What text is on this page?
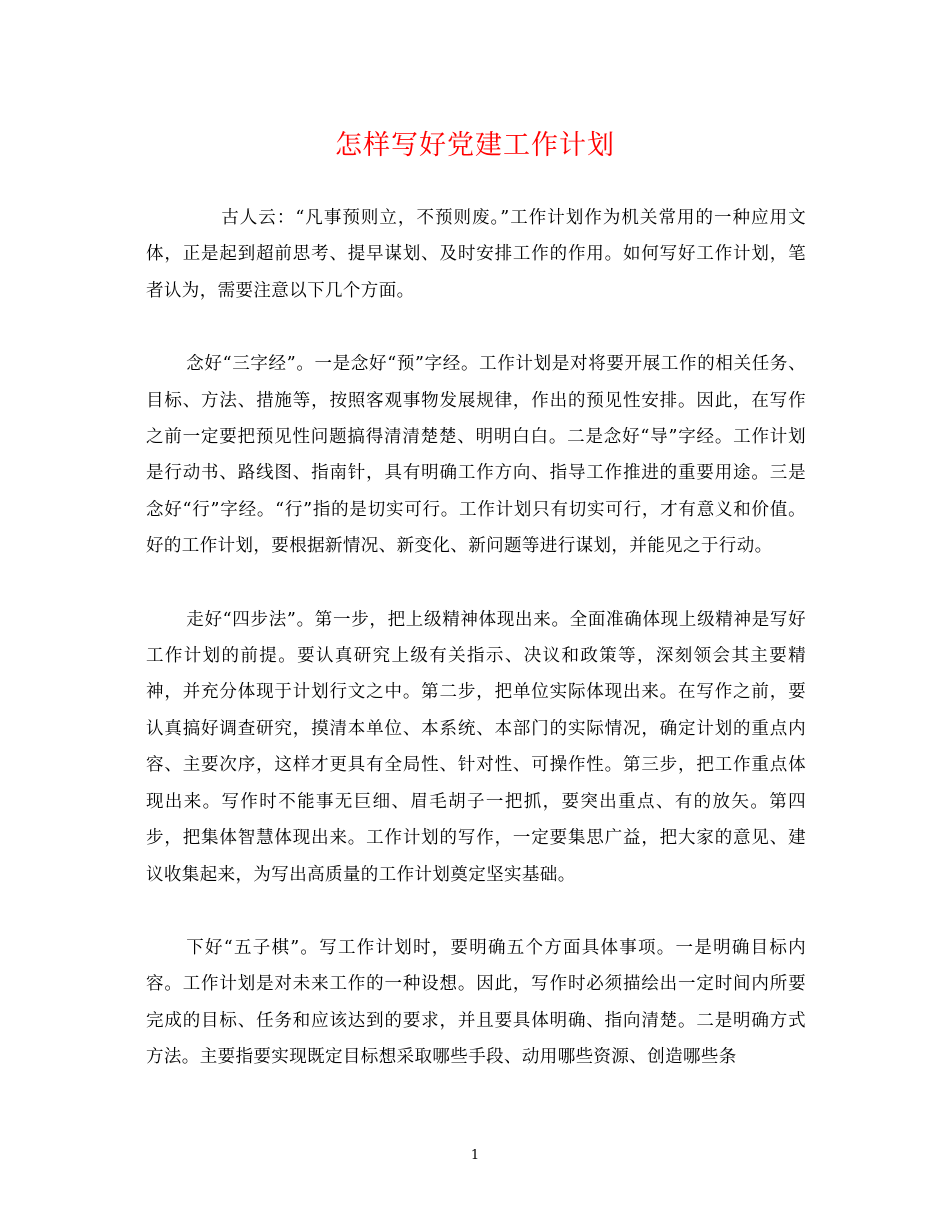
怎样写好党建工作计划

古人云：“凡事预则立，不预则废。”工作计划作为机关常用的一种应用文体，正是起到超前思考、提早谋划、及时安排工作的作用。如何写好工作计划，笔者认为，需要注意以下几个方面。

念好“三字经”。一是念好“预”字经。工作计划是对将要开展工作的相关任务、目标、方法、措施等，按照客观事物发展规律，作出的预见性安排。因此，在写作之前一定要把预见性问题搞得清清楚楚、明明白白。二是念好“导”字经。工作计划是行动书、路线图、指南针，具有明确工作方向、指导工作推进的重要用途。三是念好“行”字经。“行”指的是切实可行。工作计划只有切实可行，才有意义和价值。好的工作计划，要根据新情况、新变化、新问题等进行谋划，并能见之于行动。

走好“四步法”。第一步，把上级精神体现出来。全面准确体现上级精神是写好工作计划的前提。要认真研究上级有关指示、决议和政策等，深刻领会其主要精神，并充分体现于计划行文之中。第二步，把单位实际体现出来。在写作之前，要认真搞好调查研究，摸清本单位、本系统、本部门的实际情况，确定计划的重点内容、主要次序，这样才更具有全局性、针对性、可操作性。第三步，把工作重点体现出来。写作时不能事无巨细、眉毛胡子一把抓，要突出重点、有的放矢。第四步，把集体智慧体现出来。工作计划的写作，一定要集思广益，把大家的意见、建议收集起来，为写出高质量的工作计划奠定坚实基础。

下好“五子棋”。写工作计划时，要明确五个方面具体事项。一是明确目标内容。工作计划是对未来工作的一种设想。因此，写作时必须描绘出一定时间内所要完成的目标、任务和应该达到的要求，并且要具体明确、指向清楚。二是明确方式方法。主要指要实现既定目标想采取哪些手段、动用哪些资源、创造哪些条

1
